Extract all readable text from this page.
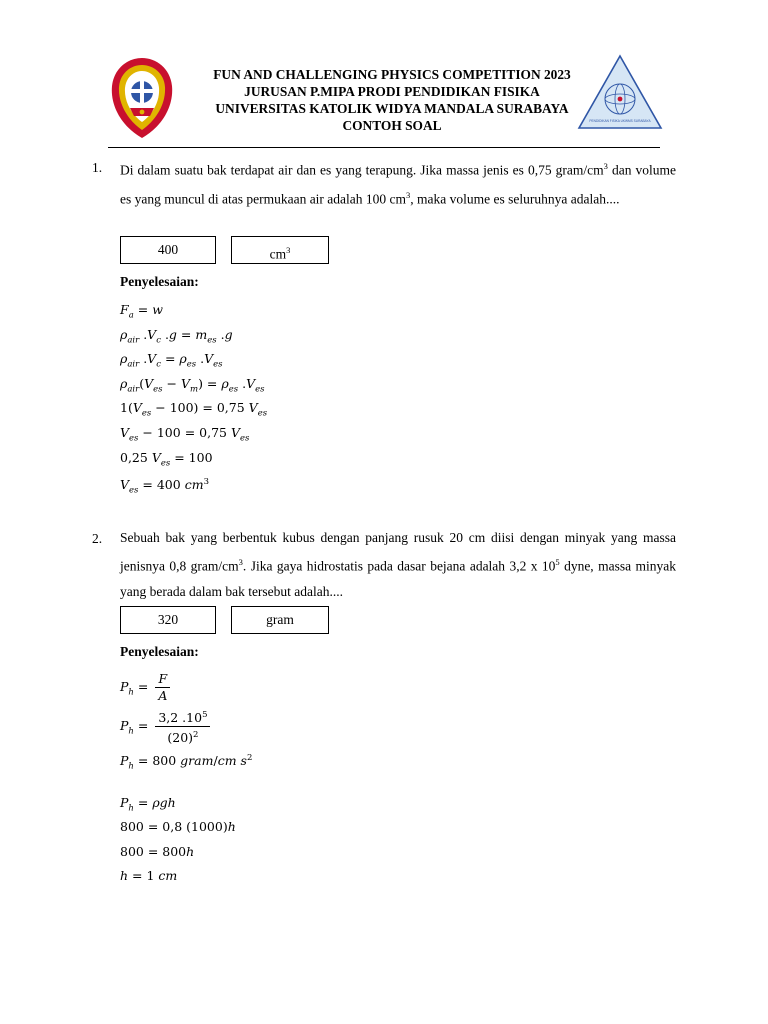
FUN AND CHALLENGING PHYSICS COMPETITION 2023
JURUSAN P.MIPA PRODI PENDIDIKAN FISIKA
UNIVERSITAS KATOLIK WIDYA MANDALA SURABAYA
CONTOH SOAL	PENDIDIKAN FISIKA UKWMS SURABAYA
1. Di dalam suatu bak terdapat air dan es yang terapung. Jika massa jenis es 0,75 gram/$cm^3$ dan volume es yang muncul di atas permukaan air adalah 100 $cm^3$, maka volume es seluruhnya adalah....
400	$cm^3$
Penyelesaian:
$F_a = w$
$\rho_{air}$ $.V_c$ $.g = m_{es}$ .g
$\rho_{air}$ $.V_c = \rho_{es}$ $.V_{es}$
$\rho_{air}(V_{es} - V_m) = \rho_{es}$ $.V_{es}$
$1(V_{es} - 100) = 0,75$ $V_{es}$
$V_{es} - 100 = 0,75$ $V_{es}$
0,25 $V_{es} = 100$
$V_{es} = 400$ $cm^3$
2. Sebuah bak yang berbentuk kubus dengan panjang rusuk 20 cm diisi dengan minyak yang massa jenisnya 0,8 gram/$cm^3$. Jika gaya hidrostatis pada dasar bejana adalah 3,2 x $10^5$ dyne, massa minyak yang berada dalam bak tersebut adalah....
320	gram
Penyelesaian:
$P_h = \frac{F}{A}$
$P_h = \frac{3,2 .10^5}{(20)^2}$
$P_h = 800$ gram/cm $s^2$
$P_h = \rho gh$
800 = 0,8 (1000)h
800 = 800h
h = 1 cm
